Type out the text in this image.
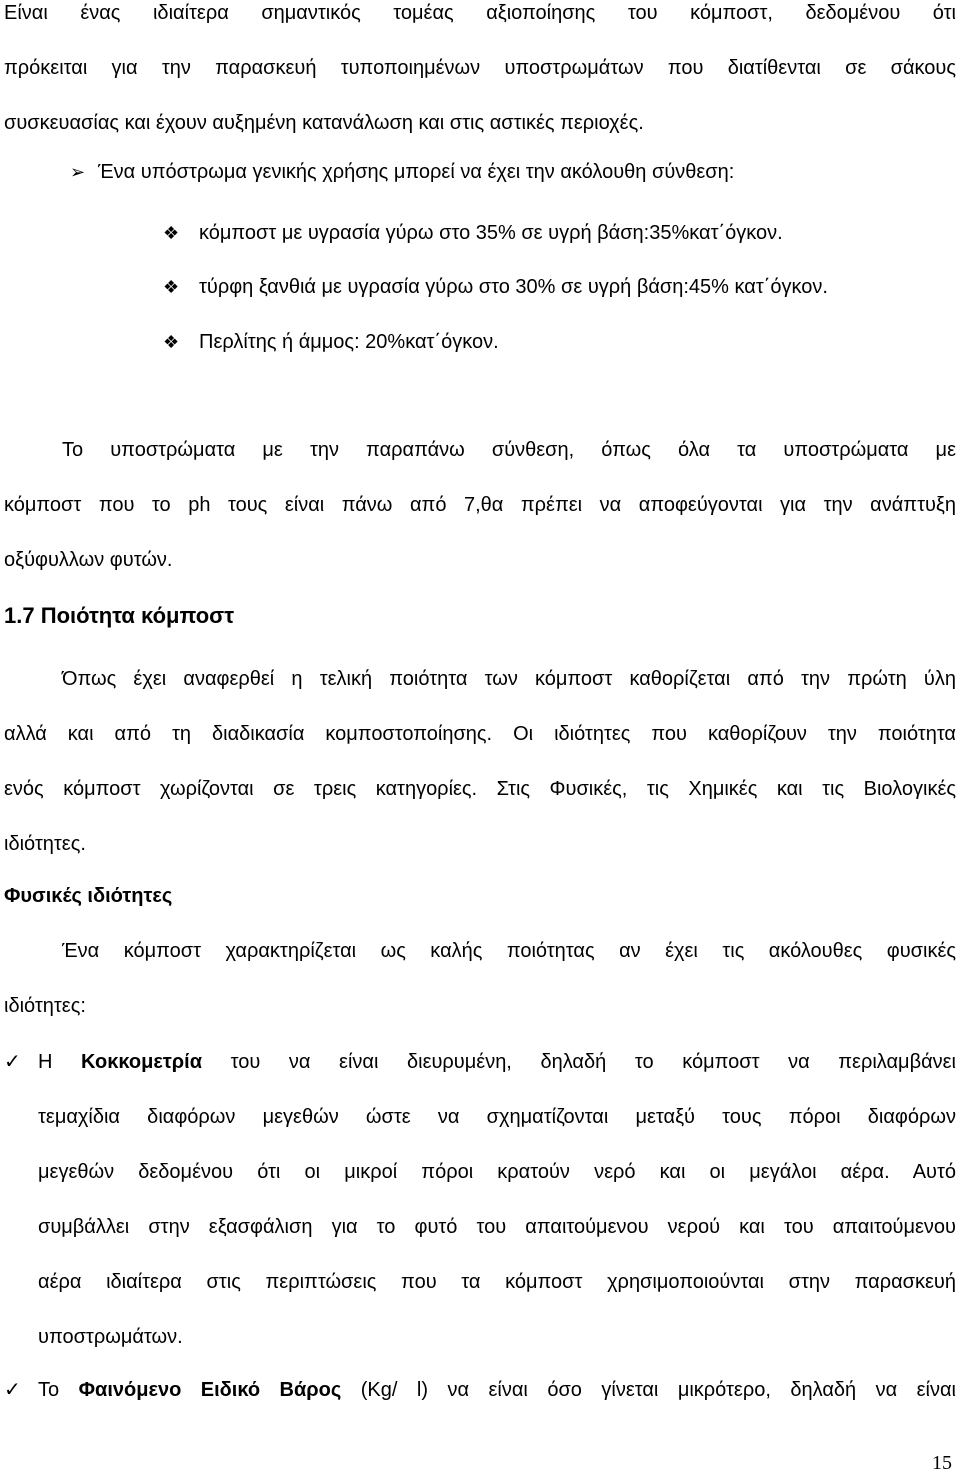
Είναι ένας ιδιαίτερα σημαντικός τομέας αξιοποίησης του κόμποστ, δεδομένου ότι
πρόκειται για την παρασκευή τυποποιημένων υποστρωμάτων που διατίθενται σε σάκους
συσκευασίας και έχουν αυξημένη κατανάλωση και στις αστικές περιοχές.
➢ Ένα υπόστρωμα γενικής χρήσης μπορεί να έχει την ακόλουθη σύνθεση:
❖ κόμποστ με υγρασία γύρω στο 35% σε υγρή βάση:35%κατ΄όγκον.
❖ τύρφη ξανθιά με υγρασία γύρω στο 30% σε υγρή βάση:45% κατ΄όγκον.
❖ Περλίτης ή άμμος: 20%κατ΄όγκον.
Το υποστρώματα με την παραπάνω σύνθεση, όπως όλα τα υποστρώματα με
κόμποστ που το ph τους είναι πάνω από 7,θα πρέπει να αποφεύγονται για την ανάπτυξη
οξύφυλλων φυτών.
1.7 Ποιότητα κόμποστ
Όπως έχει αναφερθεί η τελική ποιότητα των κόμποστ καθορίζεται από την πρώτη ύλη
αλλά και από τη διαδικασία κομποστοποίησης. Οι ιδιότητες που καθορίζουν την ποιότητα
ενός κόμποστ χωρίζονται σε τρεις κατηγορίες. Στις Φυσικές, τις Χημικές και τις Βιολογικές
ιδιότητες.
Φυσικές ιδιότητες
Ένα κόμποστ χαρακτηρίζεται ως καλής ποιότητας αν έχει τις ακόλουθες φυσικές
ιδιότητες:
✓ Η Κοκκομετρία του να είναι διευρυμένη, δηλαδή το κόμποστ να περιλαμβάνει
τεμαχίδια διαφόρων μεγεθών ώστε να σχηματίζονται μεταξύ τους πόροι διαφόρων
μεγεθών δεδομένου ότι οι μικροί πόροι κρατούν νερό και οι μεγάλοι αέρα. Αυτό
συμβάλλει στην εξασφάλιση για το φυτό του απαιτούμενου νερού και του απαιτούμενου
αέρα ιδιαίτερα στις περιπτώσεις που τα κόμποστ χρησιμοποιούνται στην παρασκευή
υποστρωμάτων.
✓ Το Φαινόμενο Ειδικό Βάρος (Kg/ l) να είναι όσο γίνεται μικρότερο, δηλαδή να είναι
15
